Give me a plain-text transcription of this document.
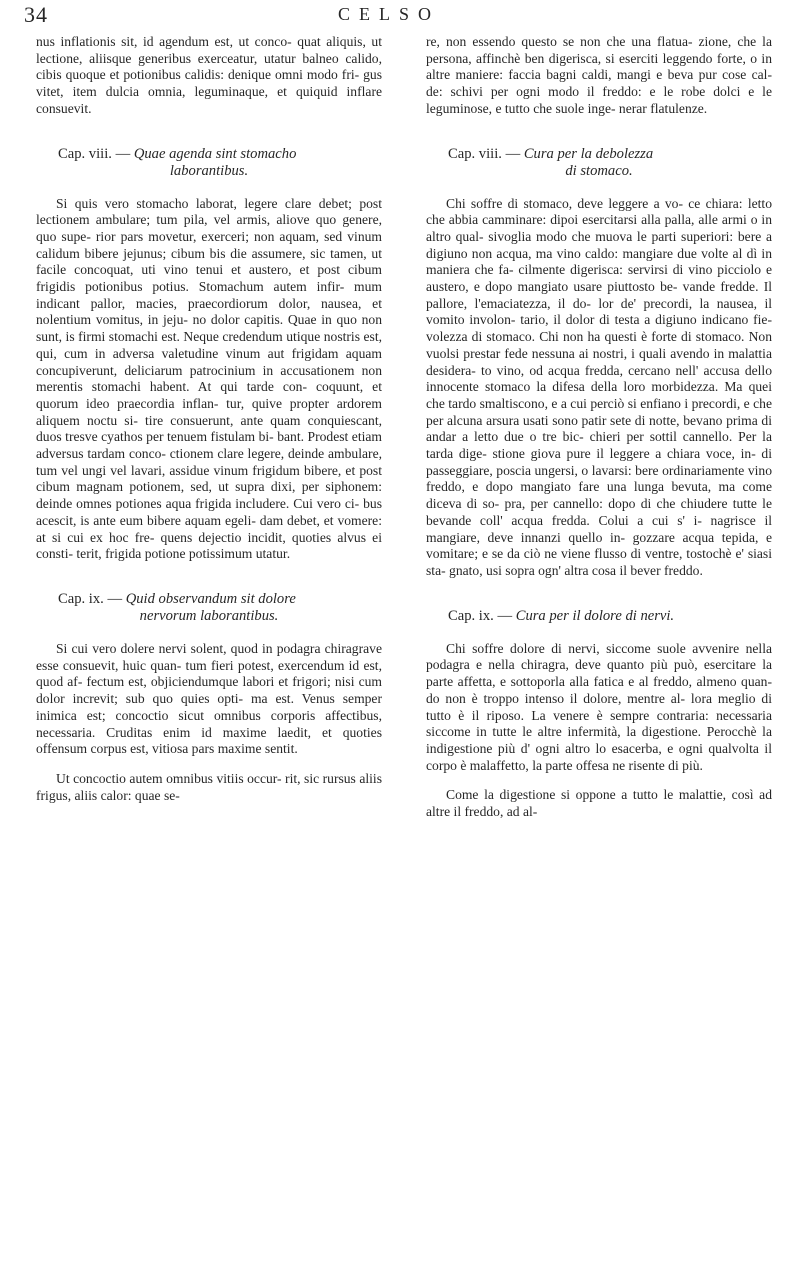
34	CELSO

nus inflationis sit, id agendum est, ut conco- quat aliquis, ut lectione, aliisque generibus exerceatur, utatur balneo calido, cibis quoque et potionibus calidis: denique omni modo fri- gus vitet, item dulcia omnia, leguminaque, et quiquid inflare consuevit.

Cap. viii. — Quae agenda sint stomacho
laborantibus.

Si quis vero stomacho laborat, legere clare debet; post lectionem ambulare; tum pila, vel armis, aliove quo genere, quo supe- rior pars movetur, exerceri; non aquam, sed vinum calidum bibere jejunus; cibum bis die assumere, sic tamen, ut facile concoquat, uti vino tenui et austero, et post cibum frigidis potionibus potius. Stomachum autem infir- mum indicant pallor, macies, praecordiorum dolor, nausea, et nolentium vomitus, in jeju- no dolor capitis. Quae in quo non sunt, is firmi stomachi est. Neque credendum utique nostris est, qui, cum in adversa valetudine vinum aut frigidam aquam concupiverunt, deliciarum patrocinium in accusationem non merentis stomachi habent. At qui tarde con- coquunt, et quorum ideo praecordia inflan- tur, quive propter ardorem aliquem noctu si- tire consuerunt, ante quam conquiescant, duos tresve cyathos per tenuem fistulam bi- bant. Prodest etiam adversus tardam conco- ctionem clare legere, deinde ambulare, tum vel ungi vel lavari, assidue vinum frigidum bibere, et post cibum magnam potionem, sed, ut supra dixi, per siphonem: deinde omnes potiones aqua frigida includere. Cui vero ci- bus acescit, is ante eum bibere aquam egeli- dam debet, et vomere: at si cui ex hoc fre- quens dejectio incidit, quoties alvus ei consti- terit, frigida potione potissimum utatur.

Cap. ix. — Quid observandum sit dolore
nervorum laborantibus.

Si cui vero dolere nervi solent, quod in podagra chiragrave esse consuevit, huic quan- tum fieri potest, exercendum id est, quod af- fectum est, objiciendumque labori et frigori; nisi cum dolor increvit; sub quo quies opti- ma est. Venus semper inimica est; concoctio sicut omnibus corporis affectibus, necessaria. Cruditas enim id maxime laedit, et quoties offensum corpus est, vitiosa pars maxime sentit.

Ut concoctio autem omnibus vitiis occur- rit, sic rursus aliis frigus, aliis calor: quae se-

re, non essendo questo se non che una flatua- zione, che la persona, affinchè ben digerisca, si eserciti leggendo forte, o in altre maniere: faccia bagni caldi, mangi e beva pur cose cal- de: schivi per ogni modo il freddo: e le robe dolci e le leguminose, e tutto che suole inge- nerar flatulenze.

Cap. viii. — Cura per la debolezza
di stomaco.

Chi soffre di stomaco, deve leggere a vo- ce chiara: letto che abbia camminare: dipoi esercitarsi alla palla, alle armi o in altro qual- sivoglia modo che muova le parti superiori: bere a digiuno non acqua, ma vino caldo: mangiare due volte al dì in maniera che fa- cilmente digerisca: servirsi di vino picciolo e austero, e dopo mangiato usare piuttosto be- vande fredde. Il pallore, l'emaciatezza, il do- lor de' precordi, la nausea, il vomito involon- tario, il dolor di testa a digiuno indicano fie- volezza di stomaco. Chi non ha questi è forte di stomaco. Non vuolsi prestar fede nessuna ai nostri, i quali avendo in malattia desidera- to vino, od acqua fredda, cercano nell' accusa dello innocente stomaco la difesa della loro morbidezza. Ma quei che tardo smaltiscono, e a cui perciò si enfiano i precordi, e che per alcuna arsura usati sono patir sete di notte, bevano prima di andar a letto due o tre bic- chieri per sottil cannello. Per la tarda dige- stione giova pure il leggere a chiara voce, in- di passeggiare, poscia ungersi, o lavarsi: bere ordinariamente vino freddo, e dopo mangiato fare una lunga bevuta, ma come diceva di so- pra, per cannello: dopo di che chiudere tutte le bevande coll' acqua fredda. Colui a cui s' i- nagrisce il mangiare, deve innanzi quello in- gozzare acqua tepida, e vomitare; e se da ciò ne viene flusso di ventre, tostochè e' siasi sta- gnato, usi sopra ogn' altra cosa il bever freddo.

Cap. ix. — Cura per il dolore di nervi.

Chi soffre dolore di nervi, siccome suole avvenire nella podagra e nella chiragra, deve quanto più può, esercitare la parte affetta, e sottoporla alla fatica e al freddo, almeno quan- do non è troppo intenso il dolore, mentre al- lora meglio di tutto è il riposo. La venere è sempre contraria: necessaria siccome in tutte le altre infermità, la digestione. Perocchè la indigestione più d' ogni altro lo esacerba, e ogni qualvolta il corpo è malaffetto, la parte offesa ne risente di più.

Come la digestione si oppone a tutto le malattie, così ad altre il freddo, ad al-
